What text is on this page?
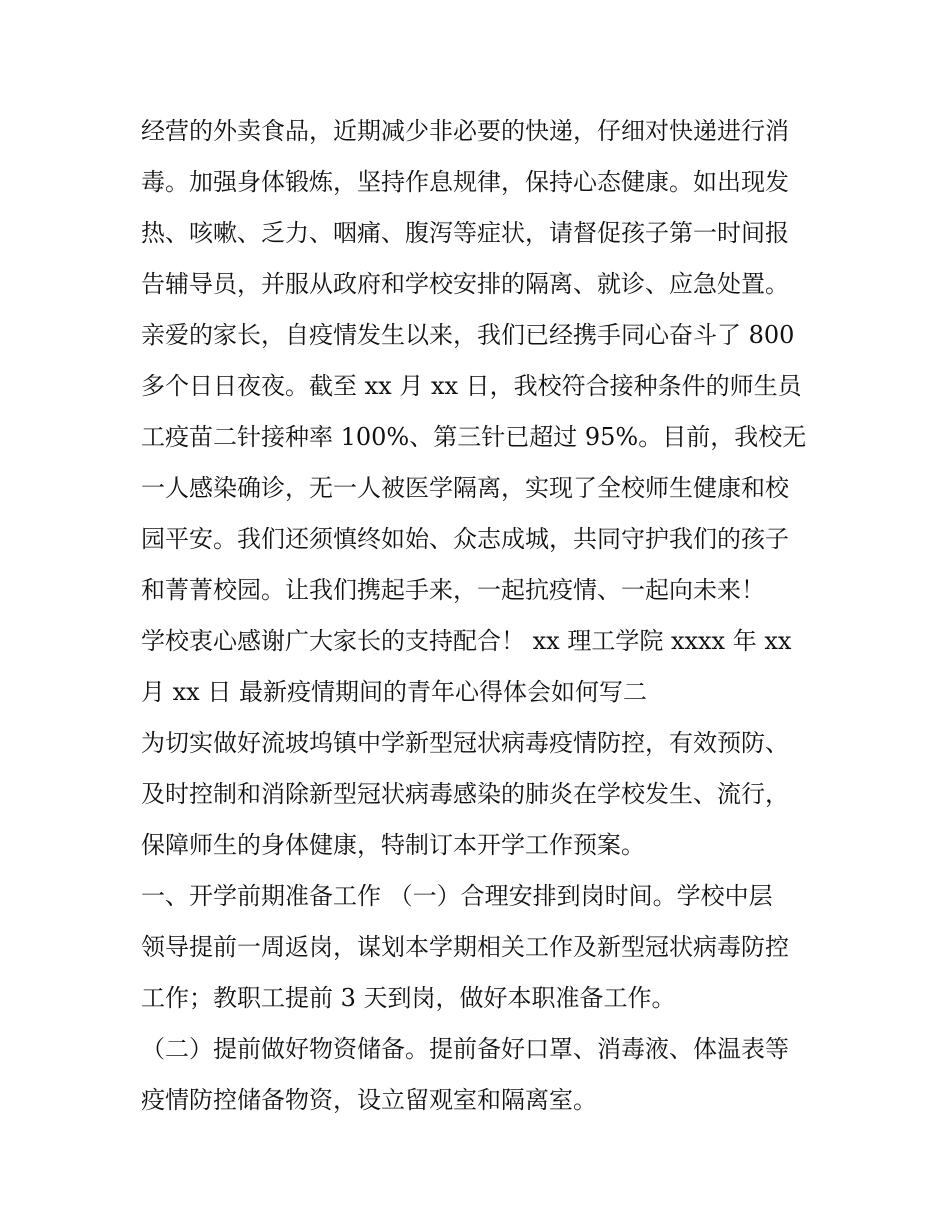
经营的外卖食品，近期减少非必要的快递，仔细对快递进行消
毒。加强身体锻炼，坚持作息规律，保持心态健康。如出现发
热、咳嗽、乏力、咽痛、腹泻等症状，请督促孩子第一时间报
告辅导员，并服从政府和学校安排的隔离、就诊、应急处置。
亲爱的家长，自疫情发生以来，我们已经携手同心奋斗了 800
多个日日夜夜。截至 xx 月 xx 日，我校符合接种条件的师生员
工疫苗二针接种率 100%、第三针已超过 95%。目前，我校无
一人感染确诊，无一人被医学隔离，实现了全校师生健康和校
园平安。我们还须慎终如始、众志成城，共同守护我们的孩子
和菁菁校园。让我们携起手来，一起抗疫情、一起向未来！
学校衷心感谢广大家长的支持配合！ xx 理工学院 xxxx 年 xx
月 xx 日 最新疫情期间的青年心得体会如何写二
为切实做好流坡坞镇中学新型冠状病毒疫情防控，有效预防、
及时控制和消除新型冠状病毒感染的肺炎在学校发生、流行，
保障师生的身体健康，特制订本开学工作预案。
一、开学前期准备工作 （一）合理安排到岗时间。学校中层
领导提前一周返岗，谋划本学期相关工作及新型冠状病毒防控
工作；教职工提前 3 天到岗，做好本职准备工作。
（二）提前做好物资储备。提前备好口罩、消毒液、体温表等
疫情防控储备物资，设立留观室和隔离室。
